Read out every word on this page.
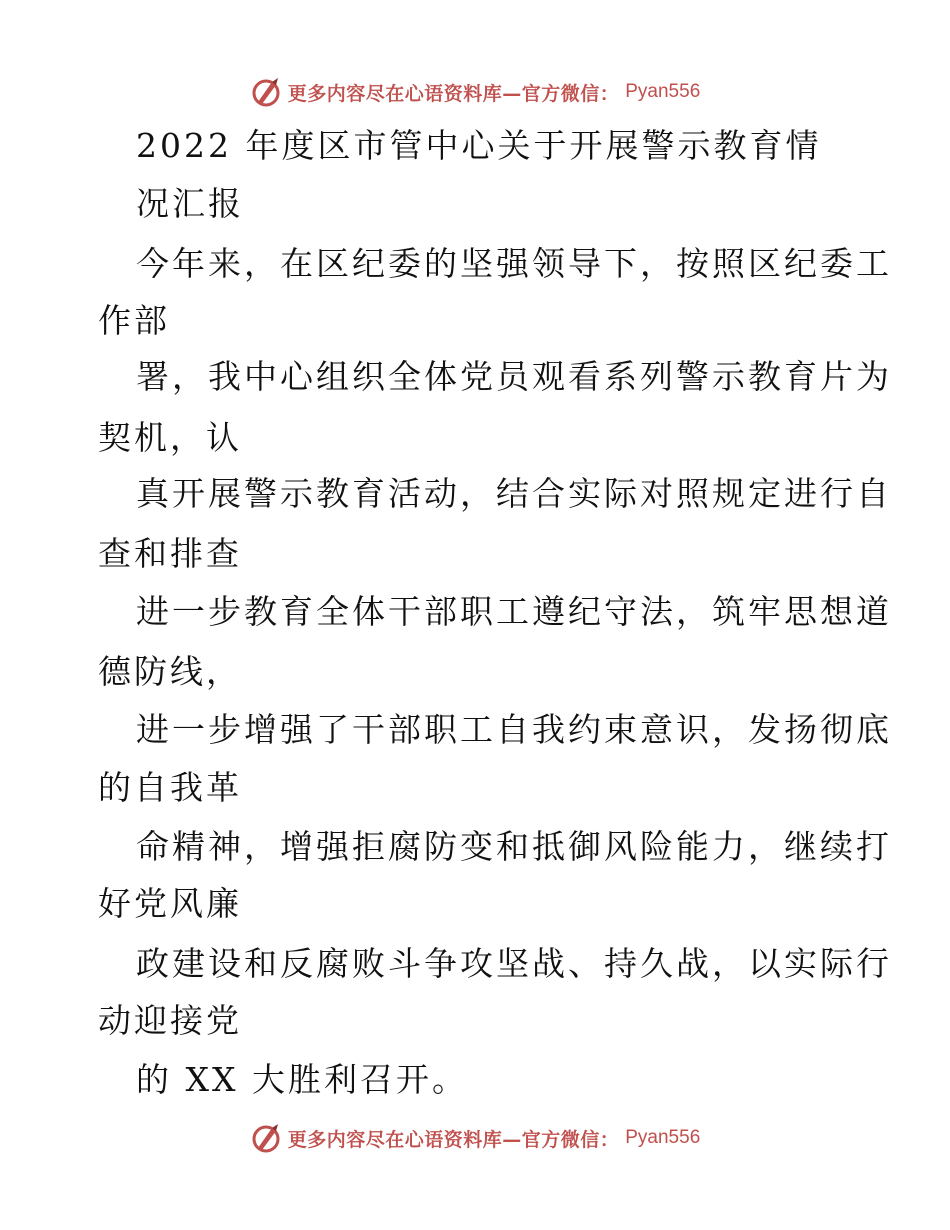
更多内容尽在心语资料库—官方微信： Pyan556
2022 年度区市管中心关于开展警示教育情
况汇报
今年来，在区纪委的坚强领导下，按照区纪委工
作部
署，我中心组织全体党员观看系列警示教育片为
契机，认
真开展警示教育活动，结合实际对照规定进行自
查和排查
进一步教育全体干部职工遵纪守法，筑牢思想道
德防线，
进一步增强了干部职工自我约束意识，发扬彻底
的自我革
命精神，增强拒腐防变和抵御风险能力，继续打
好党风廉
政建设和反腐败斗争攻坚战、持久战，以实际行
动迎接党
的 XX 大胜利召开。
更多内容尽在心语资料库—官方微信： Pyan556
